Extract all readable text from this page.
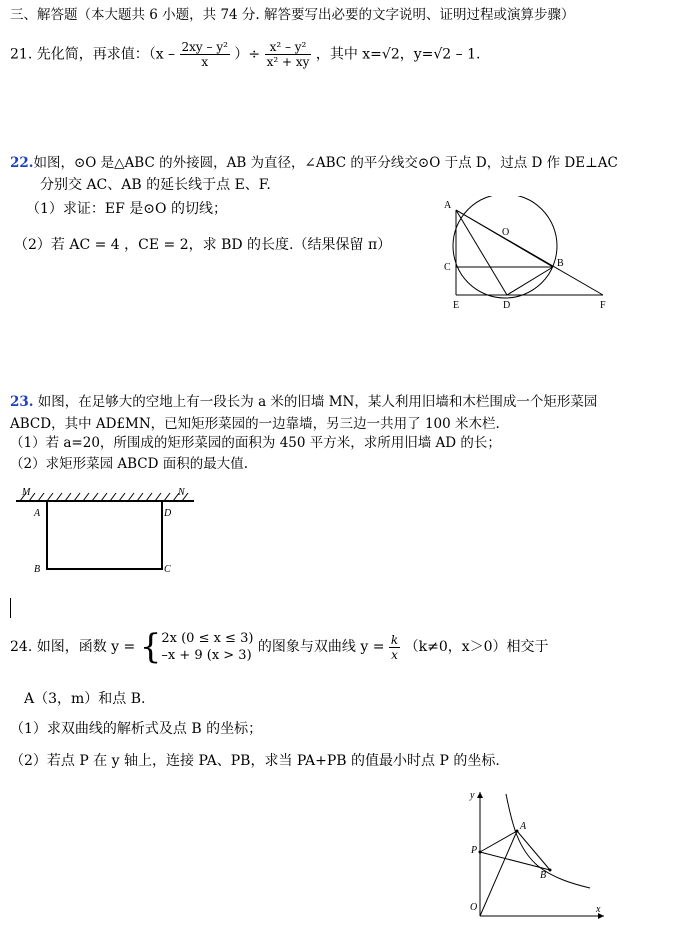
三、解答题（本大题共 6 小题，共 74 分. 解答要写出必要的文字说明、证明过程或演算步骤）
21. 先化简，再求值：（$x - \frac{\text{2xy – y²}}{x}$ ）÷ $\frac{\text{x² – y²}}{\text{x² + xy}}$ ，其中 x=√2，y=√2 – 1.
22.如图，⊙O 是△ABC 的外接圆，AB 为直径，∠ABC 的平分线交⊙O 于点 D，过点 D 作 DE⊥AC
分别交 AC、AB 的延长线于点 E、F.
（1）求证：EF 是⊙O 的切线；
（2）若 AC = 4 ，CE = 2，求 BD 的长度.（结果保留 π）
A
O
C	B
E	D	F
23. 如图，在足够大的空地上有一段长为 a 米的旧墙 MN，某人利用旧墙和木栏围成一个矩形菜园
ABCD，其中 AD£MN，已知矩形菜园的一边靠墙，另三边一共用了 100 米木栏.
（1）若 a=20，所围成的矩形菜园的面积为 450 平方米，求所用旧墙 AD 的长；
（2）求矩形菜园 ABCD 面积的最大值.
M	N
A	D
B	C
24. 如图，函数 y = { 2x (0 ≤ x ≤ 3)
–x + 9 (x > 3)
的图象与双曲线 $y = \frac{k}{x} (k\ne 0$，x＞0）相交于
A（3，m）和点 B.
（1）求双曲线的解析式及点 B 的坐标；
（2）若点 P 在 y 轴上，连接 PA、PB，求当 PA+PB 的值最小时点 P 的坐标.
y
x
O
P
A
B
